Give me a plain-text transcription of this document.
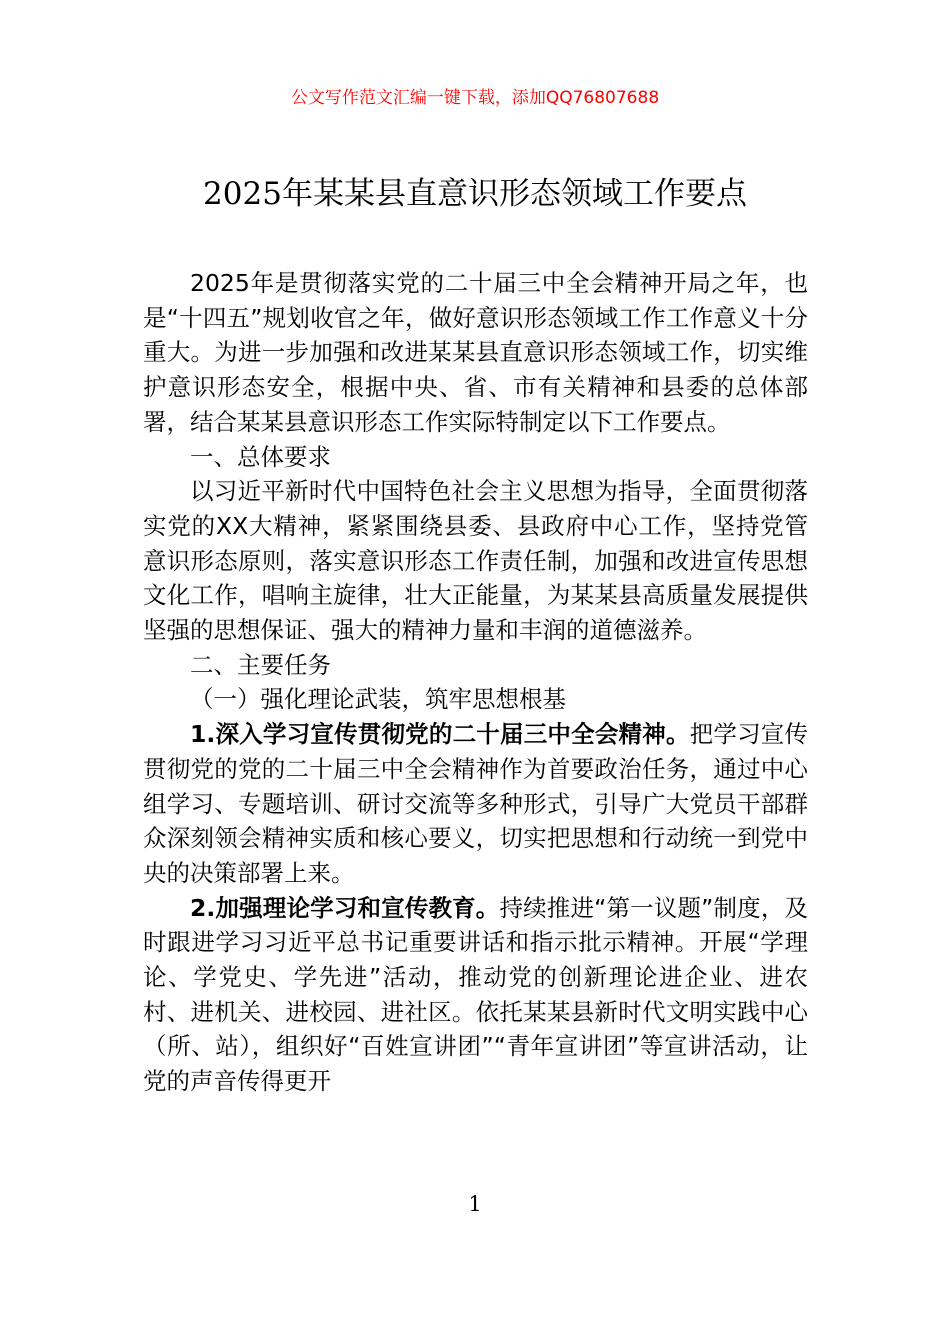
公文写作范文汇编一键下载，添加QQ76807688
2025年某某县直意识形态领域工作要点

2025年是贯彻落实党的二十届三中全会精神开局之年，也是“十四五”规划收官之年，做好意识形态领域工作工作意义十分重大。为进一步加强和改进某某县直意识形态领域工作，切实维护意识形态安全，根据中央、省、市有关精神和县委的总体部署，结合某某县意识形态工作实际特制定以下工作要点。

一、总体要求

以习近平新时代中国特色社会主义思想为指导，全面贯彻落实党的XX大精神，紧紧围绕县委、县政府中心工作，坚持党管意识形态原则，落实意识形态工作责任制，加强和改进宣传思想文化工作，唱响主旋律，壮大正能量，为某某县高质量发展提供坚强的思想保证、强大的精神力量和丰润的道德滋养。

二、主要任务

（一）强化理论武装，筑牢思想根基

1.深入学习宣传贯彻党的二十届三中全会精神。把学习宣传贯彻党的党的二十届三中全会精神作为首要政治任务，通过中心组学习、专题培训、研讨交流等多种形式，引导广大党员干部群众深刻领会精神实质和核心要义，切实把思想和行动统一到党中央的决策部署上来。

2.加强理论学习和宣传教育。持续推进“第一议题”制度，及时跟进学习习近平总书记重要讲话和指示批示精神。开展“学理论、学党史、学先进”活动，推动党的创新理论进企业、进农村、进机关、进校园、进社区。依托某某县新时代文明实践中心（所、站），组织好“百姓宣讲团”“青年宣讲团”等宣讲活动，让党的声音传得更开

1
